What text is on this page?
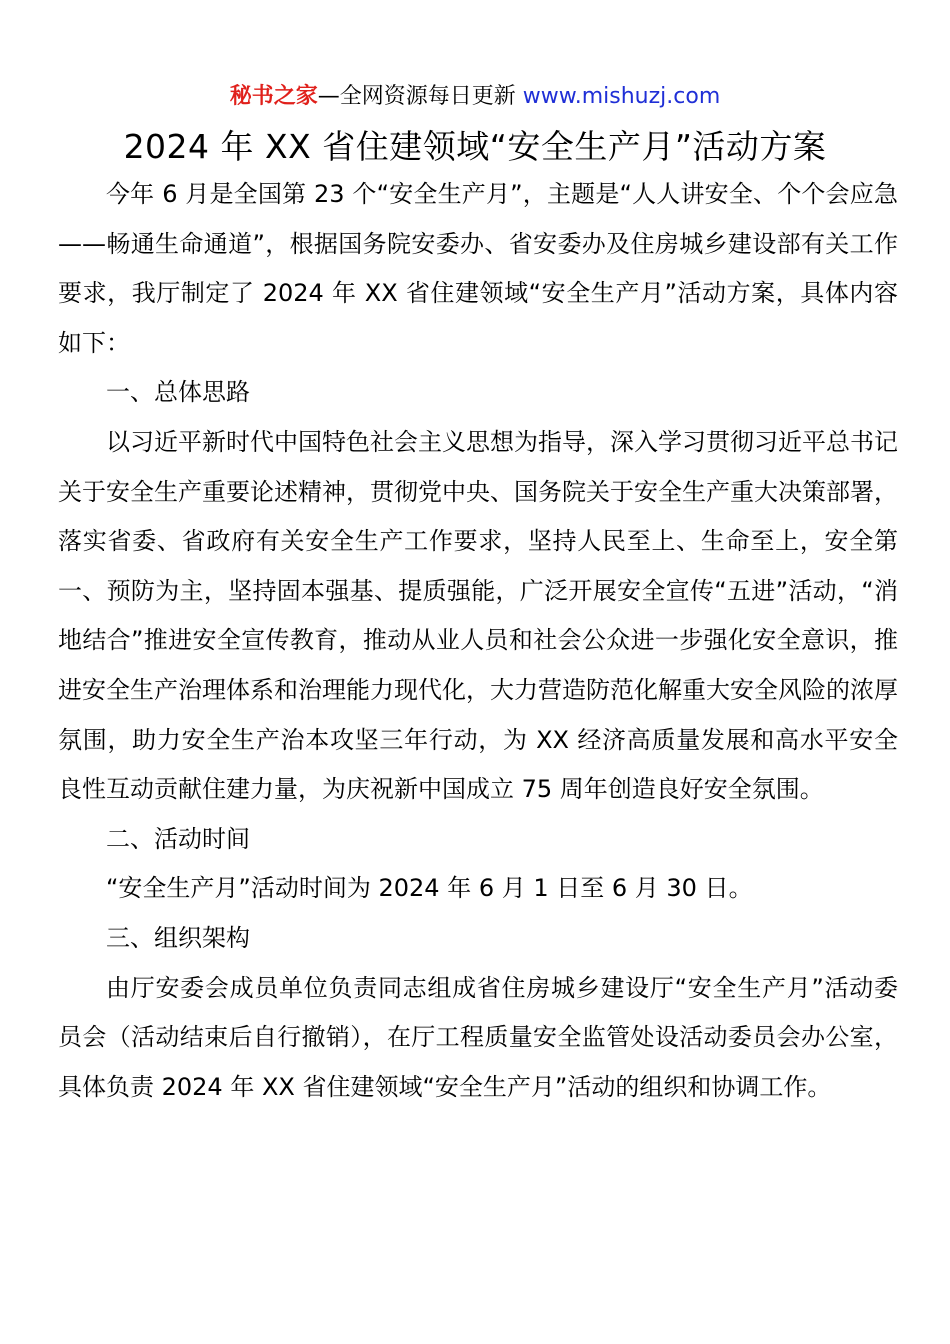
秘书之家—全网资源每日更新 www.mishuzj.com
2024 年 XX 省住建领域“安全生产月”活动方案

今年 6 月是全国第 23 个“安全生产月”，主题是“人人讲安全、个个会应急——畅通生命通道”，根据国务院安委办、省安委办及住房城乡建设部有关工作要求，我厅制定了 2024 年 XX 省住建领域“安全生产月”活动方案，具体内容如下：

一、总体思路

以习近平新时代中国特色社会主义思想为指导，深入学习贯彻习近平总书记关于安全生产重要论述精神，贯彻党中央、国务院关于安全生产重大决策部署，落实省委、省政府有关安全生产工作要求，坚持人民至上、生命至上，安全第一、预防为主，坚持固本强基、提质强能，广泛开展安全宣传“五进”活动，“消地结合”推进安全宣传教育，推动从业人员和社会公众进一步强化安全意识，推进安全生产治理体系和治理能力现代化，大力营造防范化解重大安全风险的浓厚氛围，助力安全生产治本攻坚三年行动，为 XX 经济高质量发展和高水平安全良性互动贡献住建力量，为庆祝新中国成立 75 周年创造良好安全氛围。

二、活动时间

“安全生产月”活动时间为 2024 年 6 月 1 日至 6 月 30 日。

三、组织架构

由厅安委会成员单位负责同志组成省住房城乡建设厅“安全生产月”活动委员会（活动结束后自行撤销），在厅工程质量安全监管处设活动委员会办公室，具体负责 2024 年 XX 省住建领域“安全生产月”活动的组织和协调工作。
